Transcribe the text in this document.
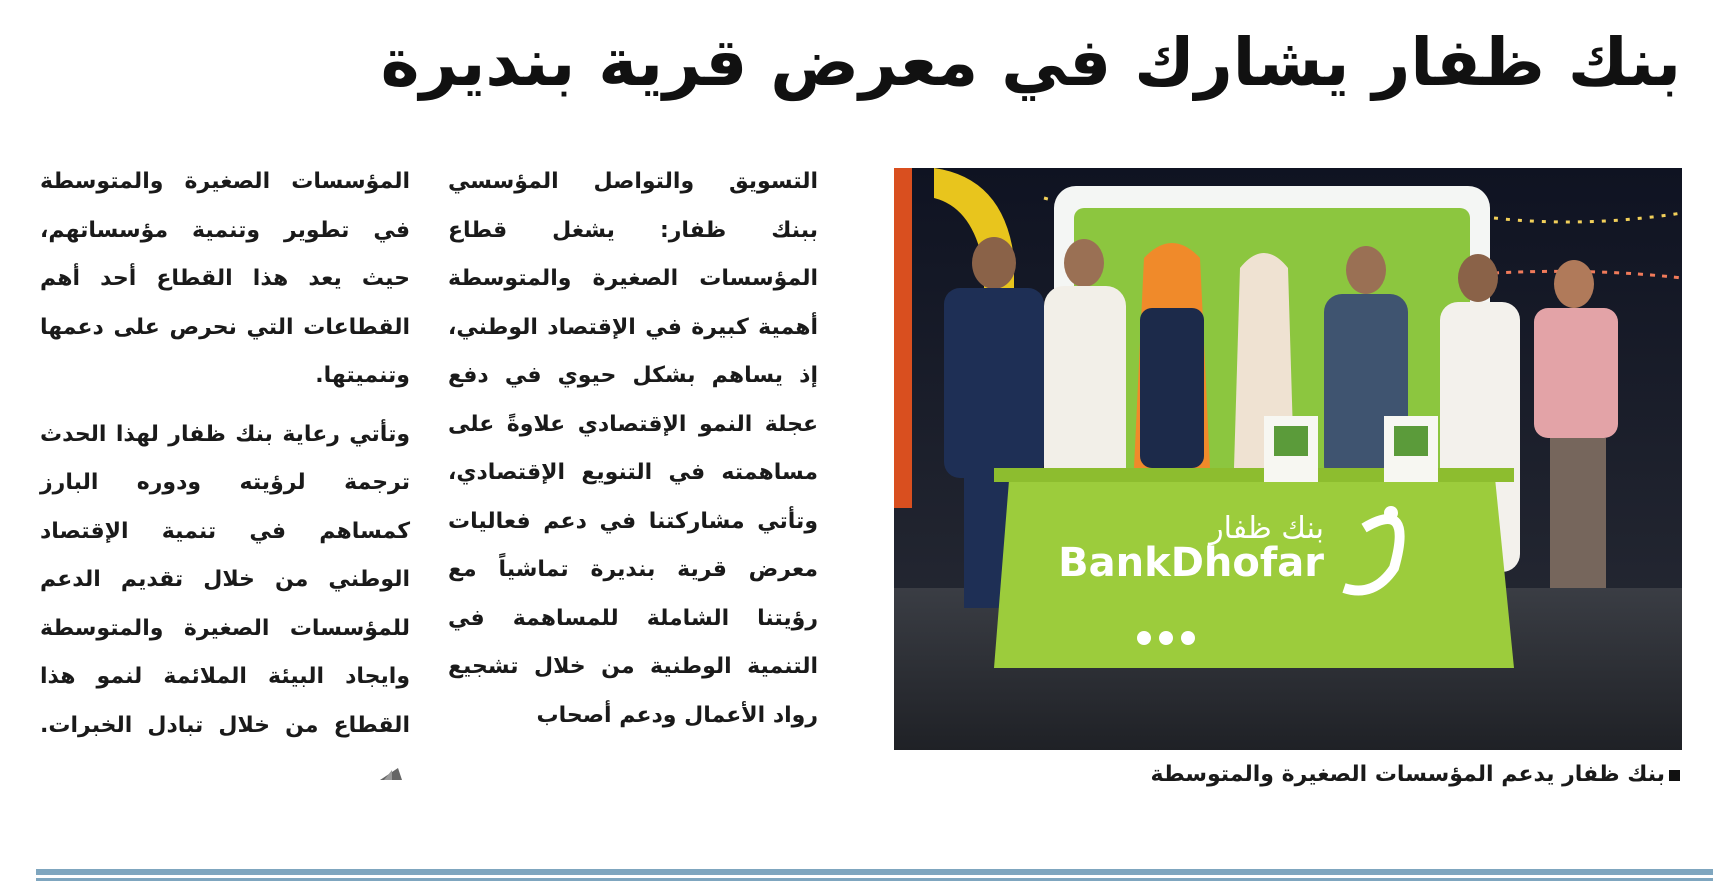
بنك ظفار يشارك في معرض قرية بنديرة

التسويق والتواصل المؤسسي ببنك ظفار: يشغل قطاع المؤسسات الصغيرة والمتوسطة أهمية كبيرة في الإقتصاد الوطني، إذ يساهم بشكل حيوي في دفع عجلة النمو الإقتصادي علاوةً على مساهمته في التنويع الإقتصادي، وتأتي مشاركتنا في دعم فعاليات معرض قرية بنديرة تماشياً مع رؤيتنا الشاملة للمساهمة في التنمية الوطنية من خلال تشجيع رواد الأعمال ودعم أصحاب

المؤسسات الصغيرة والمتوسطة في تطوير وتنمية مؤسساتهم، حيث يعد هذا القطاع أحد أهم القطاعات التي نحرص على دعمها وتنميتها.

وتأتي رعاية بنك ظفار لهذا الحدث ترجمة لرؤيته ودوره البارز كمساهم في تنمية الإقتصاد الوطني من خلال تقديم الدعم للمؤسسات الصغيرة والمتوسطة وايجاد البيئة الملائمة لنمو هذا القطاع من خلال تبادل الخبرات.

BankDhofar
بنك ظفار
بنك ظفار يدعم المؤسسات الصغيرة والمتوسطة
